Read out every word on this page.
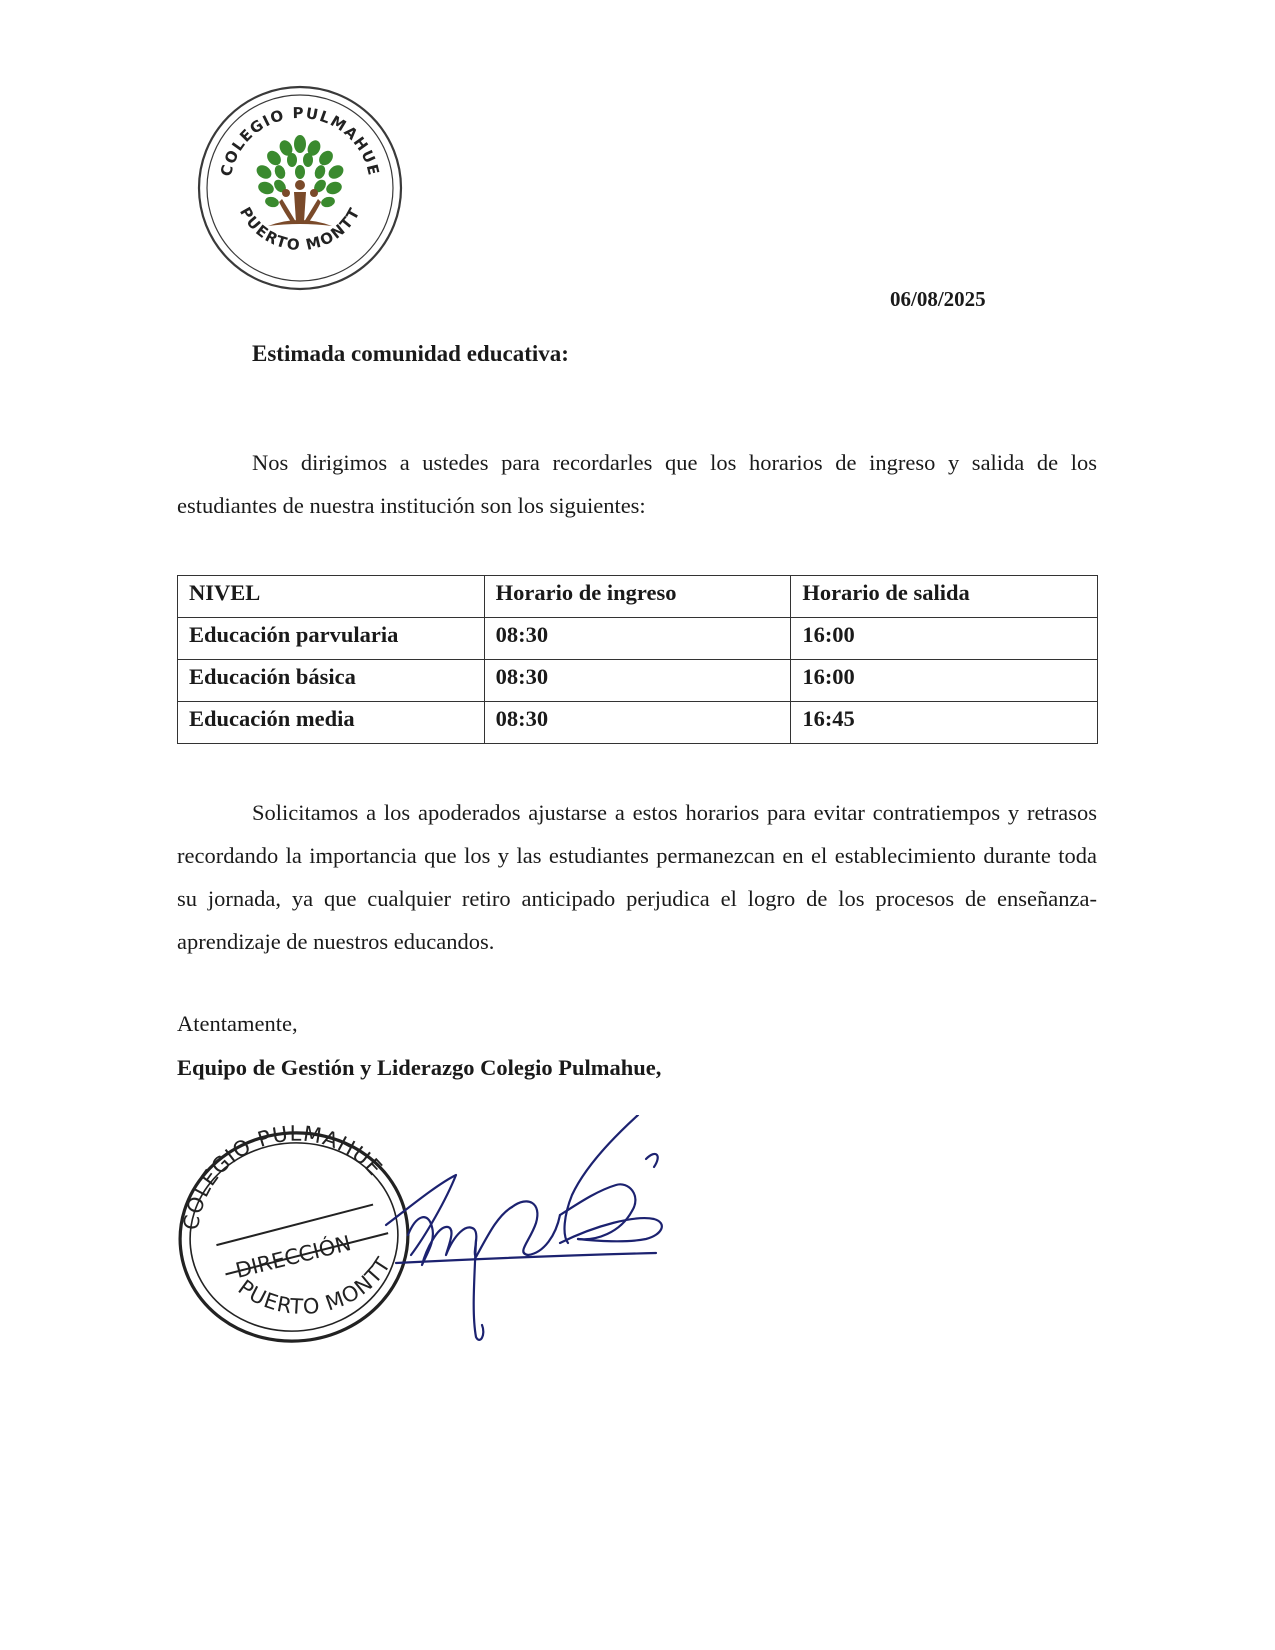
COLEGIO PULMAHUE
PUERTO MONTT
06/08/2025
Estimada comunidad educativa:

Nos dirigimos a ustedes para recordarles que los horarios de ingreso y salida de los estudiantes de nuestra institución son los siguientes:

NIVEL	Horario de ingreso	Horario de salida
Educación parvularia	08:30	16:00
Educación básica	08:30	16:00
Educación media	08:30	16:45

Solicitamos a los apoderados ajustarse a estos horarios para evitar contratiempos y retrasos recordando la importancia que los y las estudiantes permanezcan en el establecimiento durante toda su jornada, ya que cualquier retiro anticipado perjudica el logro de los procesos de enseñanza-aprendizaje de nuestros educandos.

Atentamente,
Equipo de Gestión y Liderazgo Colegio Pulmahue,
COLEGIO PULMAHUE
PUERTO MONTT
DIRECCIÓN
